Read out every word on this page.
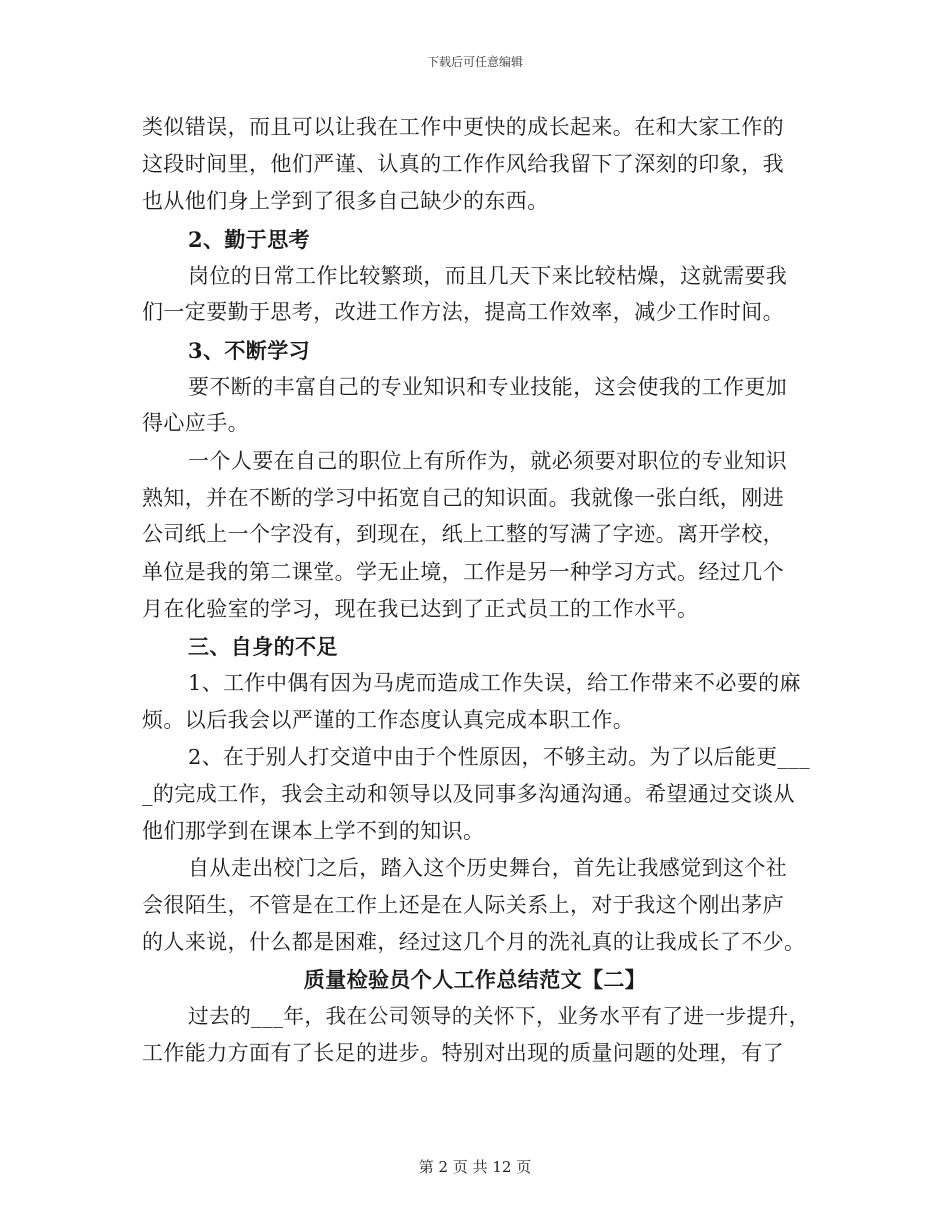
下载后可任意编辑
类似错误，而且可以让我在工作中更快的成长起来。在和大家工作的
这段时间里，他们严谨、认真的工作作风给我留下了深刻的印象，我
也从他们身上学到了很多自己缺少的东西。
2、勤于思考
岗位的日常工作比较繁琐，而且几天下来比较枯燥，这就需要我
们一定要勤于思考，改进工作方法，提高工作效率，减少工作时间。
3、不断学习
要不断的丰富自己的专业知识和专业技能，这会使我的工作更加
得心应手。
一个人要在自己的职位上有所作为，就必须要对职位的专业知识
熟知，并在不断的学习中拓宽自己的知识面。我就像一张白纸，刚进
公司纸上一个字没有，到现在，纸上工整的写满了字迹。离开学校，
单位是我的第二课堂。学无止境，工作是另一种学习方式。经过几个
月在化验室的学习，现在我已达到了正式员工的工作水平。
三、自身的不足
1、工作中偶有因为马虎而造成工作失误，给工作带来不必要的麻
烦。以后我会以严谨的工作态度认真完成本职工作。
2、在于别人打交道中由于个性原因，不够主动。为了以后能更___
_的完成工作，我会主动和领导以及同事多沟通沟通。希望通过交谈从
他们那学到在课本上学不到的知识。
自从走出校门之后，踏入这个历史舞台，首先让我感觉到这个社
会很陌生，不管是在工作上还是在人际关系上，对于我这个刚出茅庐
的人来说，什么都是困难，经过这几个月的洗礼真的让我成长了不少。
质量检验员个人工作总结范文【二】
过去的___年，我在公司领导的关怀下，业务水平有了进一步提升，
工作能力方面有了长足的进步。特别对出现的质量问题的处理，有了
第 2 页 共 12 页
